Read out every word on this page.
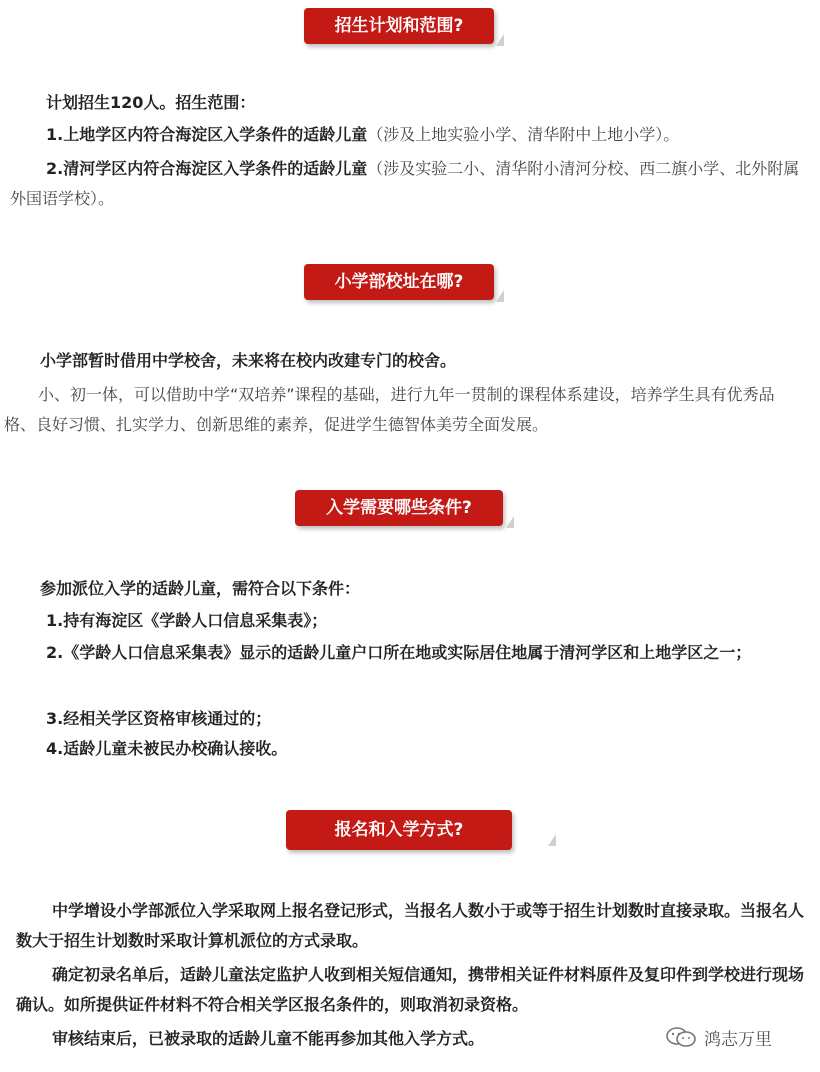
招生计划和范围?

计划招生120人。招生范围：

1.上地学区内符合海淀区入学条件的适龄儿童（涉及上地实验小学、清华附中上地小学）。

2.清河学区内符合海淀区入学条件的适龄儿童（涉及实验二小、清华附小清河分校、西二旗小学、北外附属外国语学校）。

小学部校址在哪?

小学部暂时借用中学校舍，未来将在校内改建专门的校舍。

小、初一体，可以借助中学“双培养”课程的基础，进行九年一贯制的课程体系建设，培养学生具有优秀品格、良好习惯、扎实学力、创新思维的素养，促进学生德智体美劳全面发展。

入学需要哪些条件?

参加派位入学的适龄儿童，需符合以下条件：

1.持有海淀区《学龄人口信息采集表》；

2.《学龄人口信息采集表》显示的适龄儿童户口所在地或实际居住地属于清河学区和上地学区之一；

3.经相关学区资格审核通过的；

4.适龄儿童未被民办校确认接收。

报名和入学方式?

中学增设小学部派位入学采取网上报名登记形式，当报名人数小于或等于招生计划数时直接录取。当报名人数大于招生计划数时采取计算机派位的方式录取。

确定初录名单后，适龄儿童法定监护人收到相关短信通知，携带相关证件材料原件及复印件到学校进行现场确认。如所提供证件材料不符合相关学区报名条件的，则取消初录资格。

审核结束后，已被录取的适龄儿童不能再参加其他入学方式。	鸿志万里
